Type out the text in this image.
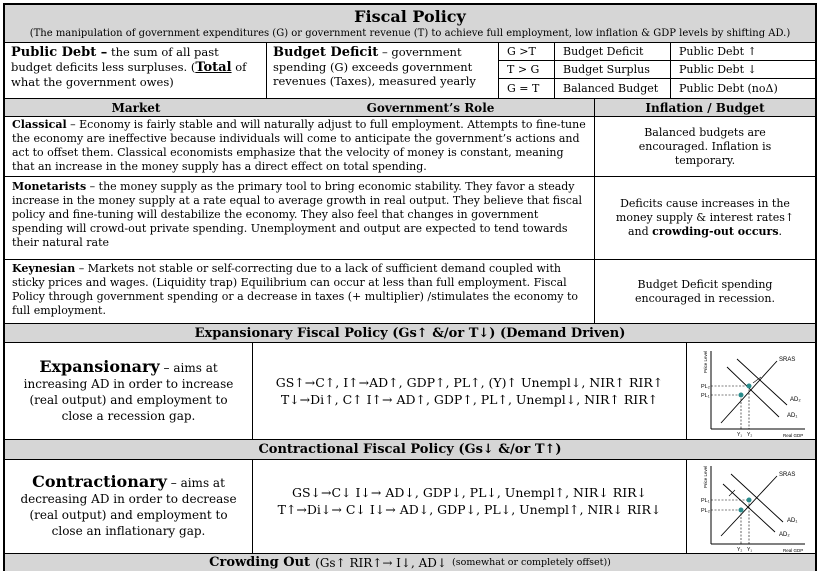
Fiscal Policy
(The manipulation of government expenditures (G) or government revenue (T) to achieve full employment, low inflation & GDP levels by shifting AD.)
Public Debt – the sum of all past budget deficits less surpluses. (Total of what the government owes)
Budget Deficit – government spending (G) exceeds government revenues (Taxes), measured yearly
G >T
T > G
G = T
Budget Deficit
Budget Surplus
Balanced Budget
Public Debt ↑
Public Debt ↓
Public Debt (noΔ)
Market	Government’s Role	Inflation / Budget
Classical – Economy is fairly stable and will naturally adjust to full employment. Attempts to fine-tune the economy are ineffective because individuals will come to anticipate the government’s actions and act to offset them. Classical economists emphasize that the velocity of money is constant, meaning that an increase in the money supply has a direct effect on total spending.
Balanced budgets are encouraged. Inflation is temporary.
Monetarists – the money supply as the primary tool to bring economic stability. They favor a steady increase in the money supply at a rate equal to average growth in real output. They believe that fiscal policy and fine-tuning will destabilize the economy. They also feel that changes in government spending will crowd-out private spending. Unemployment and output are expected to tend towards their natural rate
Deficits cause increases in the money supply & interest rates↑ and crowding-out occurs.
Keynesian – Markets not stable or self-correcting due to a lack of sufficient demand coupled with sticky prices and wages. (Liquidity trap) Equilibrium can occur at less than full employment. Fiscal Policy through government spending or a decrease in taxes (+ multiplier) /stimulates the economy to full employment.
Budget Deficit spending encouraged in recession.
Expansionary Fiscal Policy (Gs↑ &/or T↓) (Demand Driven)
Expansionary – aims at increasing AD in order to increase (real output) and employment to close a recession gap.
GS↑→C↑, I↑→AD↑, GDP↑, PL↑, (Y)↑ Unempl↓, NIR↑ RIR↑
T↓→Di↑, C↑ I↑→ AD↑, GDP↑, PL↑, Unempl↓, NIR↑ RIR↑
Price Level
Real GDP
SRAS
AD₁
AD₂
PL₂
PL₁
Y₁ Y₂
Contractional Fiscal Policy (Gs↓ &/or T↑)
Contractionary – aims at decreasing AD in order to decrease (real output) and employment to close an inflationary gap.
GS↓→C↓ I↓→ AD↓, GDP↓, PL↓, Unempl↑, NIR↓ RIR↓
T↑→Di↓→ C↓ I↓→ AD↓, GDP↓, PL↓, Unempl↑, NIR↓ RIR↓
Price Level
Real GDP
SRAS
AD₁
AD₂
PL₁
PL₂
Y₂ Y₁
Crowding Out
(Gs↑ RIR↑→ I↓, AD↓
(somewhat or completely offset))
